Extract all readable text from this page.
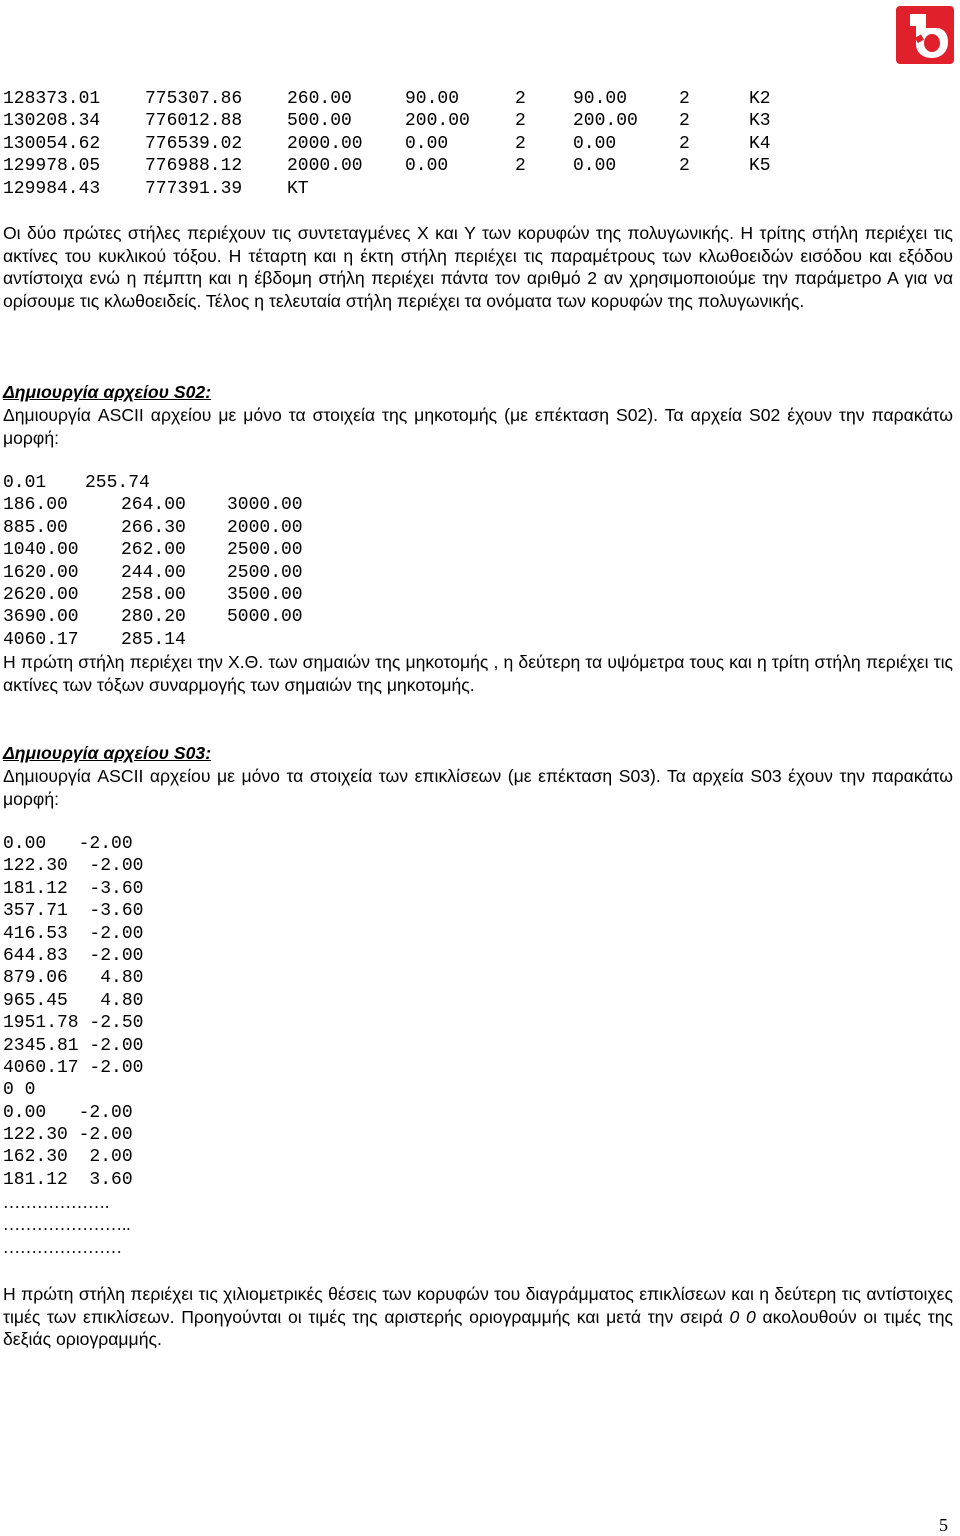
128373.01	775307.86	260.00	90.00	2	90.00	2	K2
130208.34	776012.88	500.00	200.00	2	200.00	2	K3
130054.62	776539.02	2000.00	0.00	2	0.00	2	K4
129978.05	776988.12	2000.00	0.00	2	0.00	2	K5
129984.43	777391.39	KT
Οι δύο πρώτες στήλες περιέχουν τις συντεταγμένες X και Y των κορυφών της πολυγωνικής. Η τρίτης στήλη περιέχει τις ακτίνες του κυκλικού τόξου. Η τέταρτη και η έκτη στήλη περιέχει τις παραμέτρους των κλωθοειδών εισόδου και εξόδου αντίστοιχα ενώ η πέμπτη και η έβδομη στήλη περιέχει πάντα τον αριθμό 2 αν χρησιμοποιούμε την παράμετρο Α για να ορίσουμε τις κλωθοειδείς. Τέλος η τελευταία στήλη περιέχει τα ονόματα των κορυφών της πολυγωνικής.
Δημιουργία αρχείου S02:
Δημιουργία ASCII αρχείου με μόνο τα στοιχεία της μηκοτομής (με επέκταση S02). Τα αρχεία S02 έχουν την παρακάτω μορφή:
0.01 255.74
186.00	264.00 3000.00
885.00	266.30 2000.00
1040.00 262.00 2500.00
1620.00 244.00 2500.00
2620.00 258.00 3500.00
3690.00 280.20 5000.00
4060.17 285.14
Η πρώτη στήλη περιέχει την Χ.Θ. των σημαιών της μηκοτομής , η δεύτερη τα υψόμετρα τους και η τρίτη στήλη περιέχει τις ακτίνες των τόξων συναρμογής των σημαιών της μηκοτομής.
Δημιουργία αρχείου S03:
Δημιουργία ASCII αρχείου με μόνο τα στοιχεία των επικλίσεων (με επέκταση S03). Τα αρχεία S03 έχουν την παρακάτω μορφή:
0.00   -2.00
122.30  -2.00
181.12  -3.60
357.71  -3.60
416.53  -2.00
644.83  -2.00
879.06   4.80
965.45   4.80
1951.78 -2.50
2345.81 -2.00
4060.17 -2.00
0 0
0.00   -2.00
122.30 -2.00
162.30  2.00
181.12  3.60
……………….
…………………..
…………………
Η πρώτη στήλη περιέχει τις χιλιομετρικές θέσεις των κορυφών του διαγράμματος επικλίσεων και η δεύτερη τις αντίστοιχες τιμές των επικλίσεων. Προηγούνται οι τιμές της αριστερής οριογραμμής και μετά την σειρά 0 0 ακολουθούν οι τιμές της δεξιάς οριογραμμής.
5
